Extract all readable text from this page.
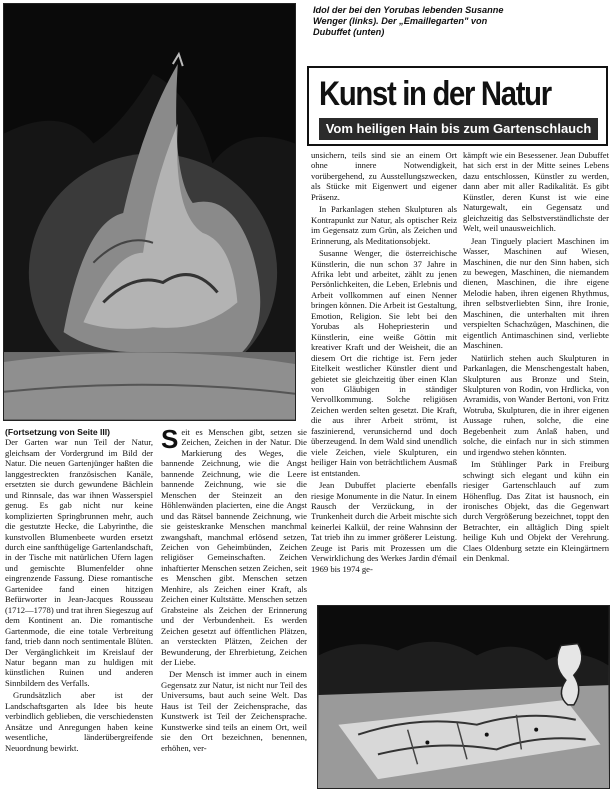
Idol der bei den Yorubas lebenden Susanne Wenger (links). Der „Emaillegarten" von Dubuffet (unten)
Kunst in der Natur
Vom heiligen Hain bis zum Gartenschlauch

(Fortsetzung von Seite III)
Der Garten war nun Teil der Natur, gleichsam der Vordergrund im Bild der Natur. Die neuen Gartenjünger haßten die langgestreckten französischen Kanäle, ersetzten sie durch gewundene Bächlein und Rinnsale, das war ihnen Wasserspiel genug. Es gab nicht nur keine komplizierten Springbrunnen mehr, auch die gestutzte Hecke, die Labyrinthe, die kunstvollen Blumenbeete wurden ersetzt durch eine sanfthügelige Gartenlandschaft, in der Tische mit natürlichen Ufern lagen und gemischte Blumenfelder ohne eingrenzende Fassung. Diese romantische Gartenidee fand einen hitzigen Befürworter in Jean-Jacques Rousseau (1712—1778) und trat ihren Siegeszug auf dem Kontinent an. Die romantische Gartenmode, die eine totale Verbreitung fand, trieb dann noch sentimentale Blüten. Der Vergänglichkeit im Kreislauf der Natur begann man zu huldigen mit künstlichen Ruinen und anderen Sinnbildern des Verfalls.

Grundsätzlich aber ist der Landschaftsgarten als Idee bis heute verbindlich geblieben, die verschiedensten Ansätze und Anregungen haben keine wesentliche, länderübergreifende Neuordnung bewirkt.

Seit es Menschen gibt, setzen sie Zeichen, Zeichen in der Natur. Die Markierung des Weges, die bannende Zeichnung, wie die Angst bannende Zeichnung, wie die Leere bannende Zeichnung, wie sie die Menschen der Steinzeit an den Höhlenwänden placierten, eine die Angst und das Rätsel bannende Zeichnung, wie sie geisteskranke Menschen manchmal zwangshaft, manchmal erlösend setzen, Zeichen von Geheimbünden, Zeichen religiöser Gemeinschaften. Zeichen inhaftierter Menschen setzen Zeichen, seit es Menschen gibt. Menschen setzen Menhire, als Zeichen einer Kraft, als Zeichen einer Kultstätte. Menschen setzen Grabsteine als Zeichen der Erinnerung und der Verbundenheit. Es werden Zeichen gesetzt auf öffentlichen Plätzen, an versteckten Plätzen, Zeichen der Bewunderung, der Ehrerbietung, Zeichen der Liebe.

Der Mensch ist immer auch in einem Gegensatz zur Natur, ist nicht nur Teil des Universums, baut auch seine Welt. Das Haus ist Teil der Zeichensprache, das Kunstwerk ist Teil der Zeichensprache. Kunstwerke sind teils an einem Ort, weil sie den Ort bezeichnen, benennen, erhöhen, ver-

unsichern, teils sind sie an einem Ort ohne innere Notwendigkeit, vorübergehend, zu Ausstellungszwecken, als Stücke mit Eigenwert und eigener Präsenz.

In Parkanlagen stehen Skulpturen als Kontrapunkt zur Natur, als optischer Reiz im Gegensatz zum Grün, als Zeichen und Erinnerung, als Meditationsobjekt.

Susanne Wenger, die österreichische Künstlerin, die nun schon 37 Jahre in Afrika lebt und arbeitet, zählt zu jenen Persönlichkeiten, die Leben, Erlebnis und Arbeit vollkommen auf einen Nenner bringen können. Die Arbeit ist Gestaltung, Emotion, Religion. Sie lebt bei den Yorubas als Hohepriesterin und Künstlerin, eine weiße Göttin mit kreativer Kraft und der Weisheit, die an diesem Ort die richtige ist. Fern jeder Eitelkeit westlicher Künstler dient und gebietet sie gleichzeitig über einen Klan von Gläubigen in ständiger Vervollkommung. Solche religiösen Zeichen werden selten gesetzt. Die Kraft, die aus ihrer Arbeit strömt, ist faszinierend, verunsichernd und doch überzeugend. In dem Wald sind unendlich viele Zeichen, viele Skulpturen, ein heiliger Hain von beträchtlichem Ausmaß ist entstanden.

Jean Dubuffet placierte ebenfalls riesige Monumente in die Natur. In einem Rausch der Verzückung, in der Trunkenheit durch die Arbeit mischte sich keinerlei Kalkül, der reine Wahnsinn der Tat trieb ihn zu immer größerer Leistung. Zeuge ist Paris mit Prozessen um die Verwirklichung des Werkes Jardin d'émail 1969 bis 1974 ge-

kämpft wie ein Besessener. Jean Dubuffet hat sich erst in der Mitte seines Lebens dazu entschlossen, Künstler zu werden, dann aber mit aller Radikalität. Es gibt Künstler, deren Kunst ist wie eine Naturgewalt, ein Gegensatz und gleichzeitig das Selbstverständlichste der Welt, weil unausweichlich.

Jean Tinguely placiert Maschinen im Wasser, Maschinen auf Wiesen, Maschinen, die nur den Sinn haben, sich zu bewegen, Maschinen, die niemandem dienen, Maschinen, die ihre eigene Melodie haben, ihren eigenen Rhythmus, ihren selbstverliebten Sinn, ihre Ironie, Maschinen, die unterhalten mit ihren verspielten Schachzügen, Maschinen, die eigentlich Antimaschinen sind, verliebte Maschinen.

Natürlich stehen auch Skulpturen in Parkanlagen, die Menschengestalt haben, Skulpturen aus Bronze und Stein, Skulpturen von Rodin, von Hrdlicka, von Avramidis, von Wander Bertoni, von Fritz Wotruba, Skulpturen, die in ihrer eigenen Aussage ruhen, solche, die eine Begebenheit zum Anlaß haben, und solche, die einfach nur in sich stimmen und irgendwo stehen könnten.

Im Stühlinger Park in Freiburg schwingt sich elegant und kühn ein riesiger Gartenschlauch auf zum Höhenflug. Das Zitat ist hausnoch, ein ironisches Objekt, das die Gegenwart durch Vergrößerung bezeichnet, toppt den Betrachter, ein alltäglich Ding spielt heilige Kuh und Objekt der Verehrung. Claes Oldenburg setzte ein Kleingärtnern ein Denkmal.
